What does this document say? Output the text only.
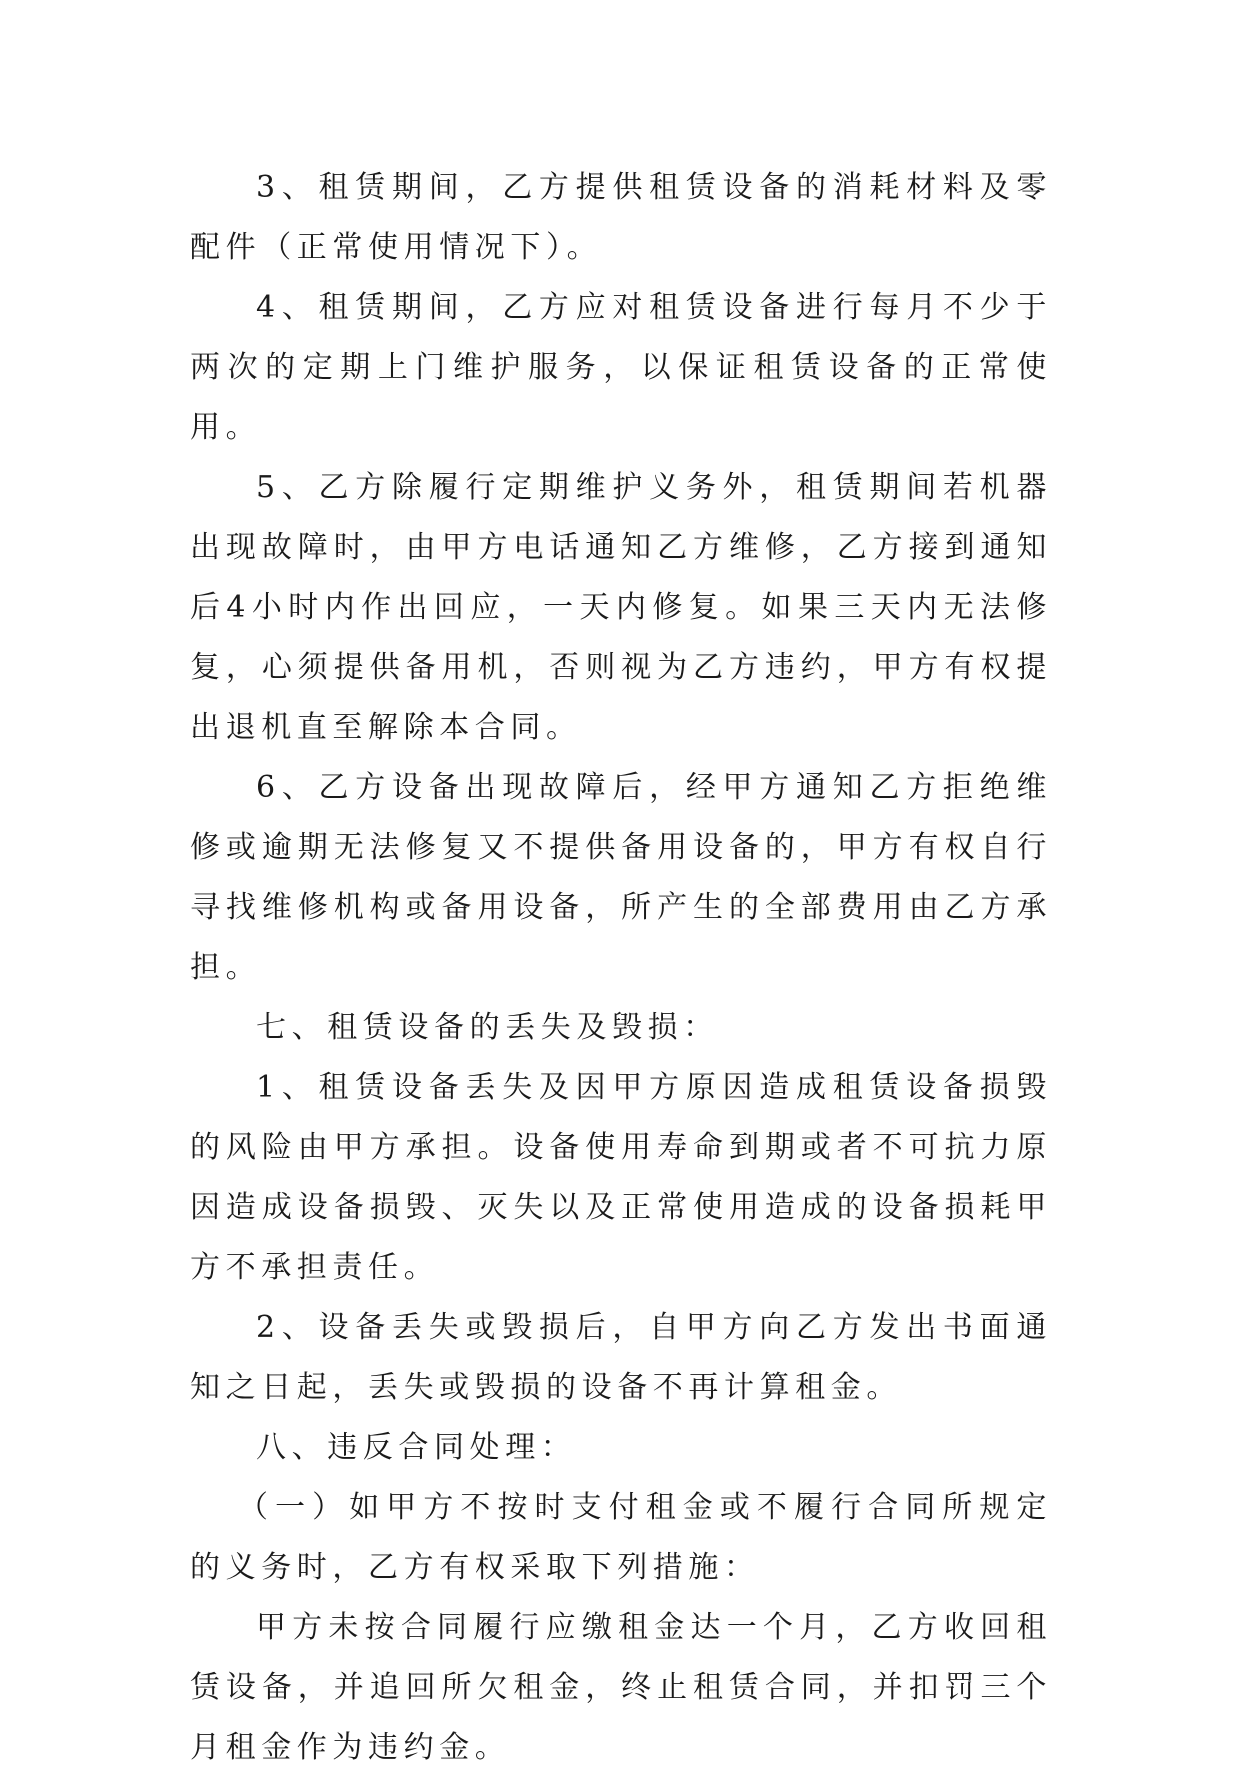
3、租赁期间，乙方提供租赁设备的消耗材料及零配件（正常使用情况下）。

4、租赁期间，乙方应对租赁设备进行每月不少于两次的定期上门维护服务，以保证租赁设备的正常使用。

5、乙方除履行定期维护义务外，租赁期间若机器出现故障时，由甲方电话通知乙方维修，乙方接到通知后4小时内作出回应，一天内修复。如果三天内无法修复，心须提供备用机，否则视为乙方违约，甲方有权提出退机直至解除本合同。

6、乙方设备出现故障后，经甲方通知乙方拒绝维修或逾期无法修复又不提供备用设备的，甲方有权自行寻找维修机构或备用设备，所产生的全部费用由乙方承担。

七、租赁设备的丢失及毁损：

1、租赁设备丢失及因甲方原因造成租赁设备损毁的风险由甲方承担。设备使用寿命到期或者不可抗力原因造成设备损毁、灭失以及正常使用造成的设备损耗甲方不承担责任。

2、设备丢失或毁损后，自甲方向乙方发出书面通知之日起，丢失或毁损的设备不再计算租金。

八、违反合同处理：

（一）如甲方不按时支付租金或不履行合同所规定的义务时，乙方有权采取下列措施：

甲方未按合同履行应缴租金达一个月，乙方收回租赁设备，并追回所欠租金，终止租赁合同，并扣罚三个月租金作为违约金。
